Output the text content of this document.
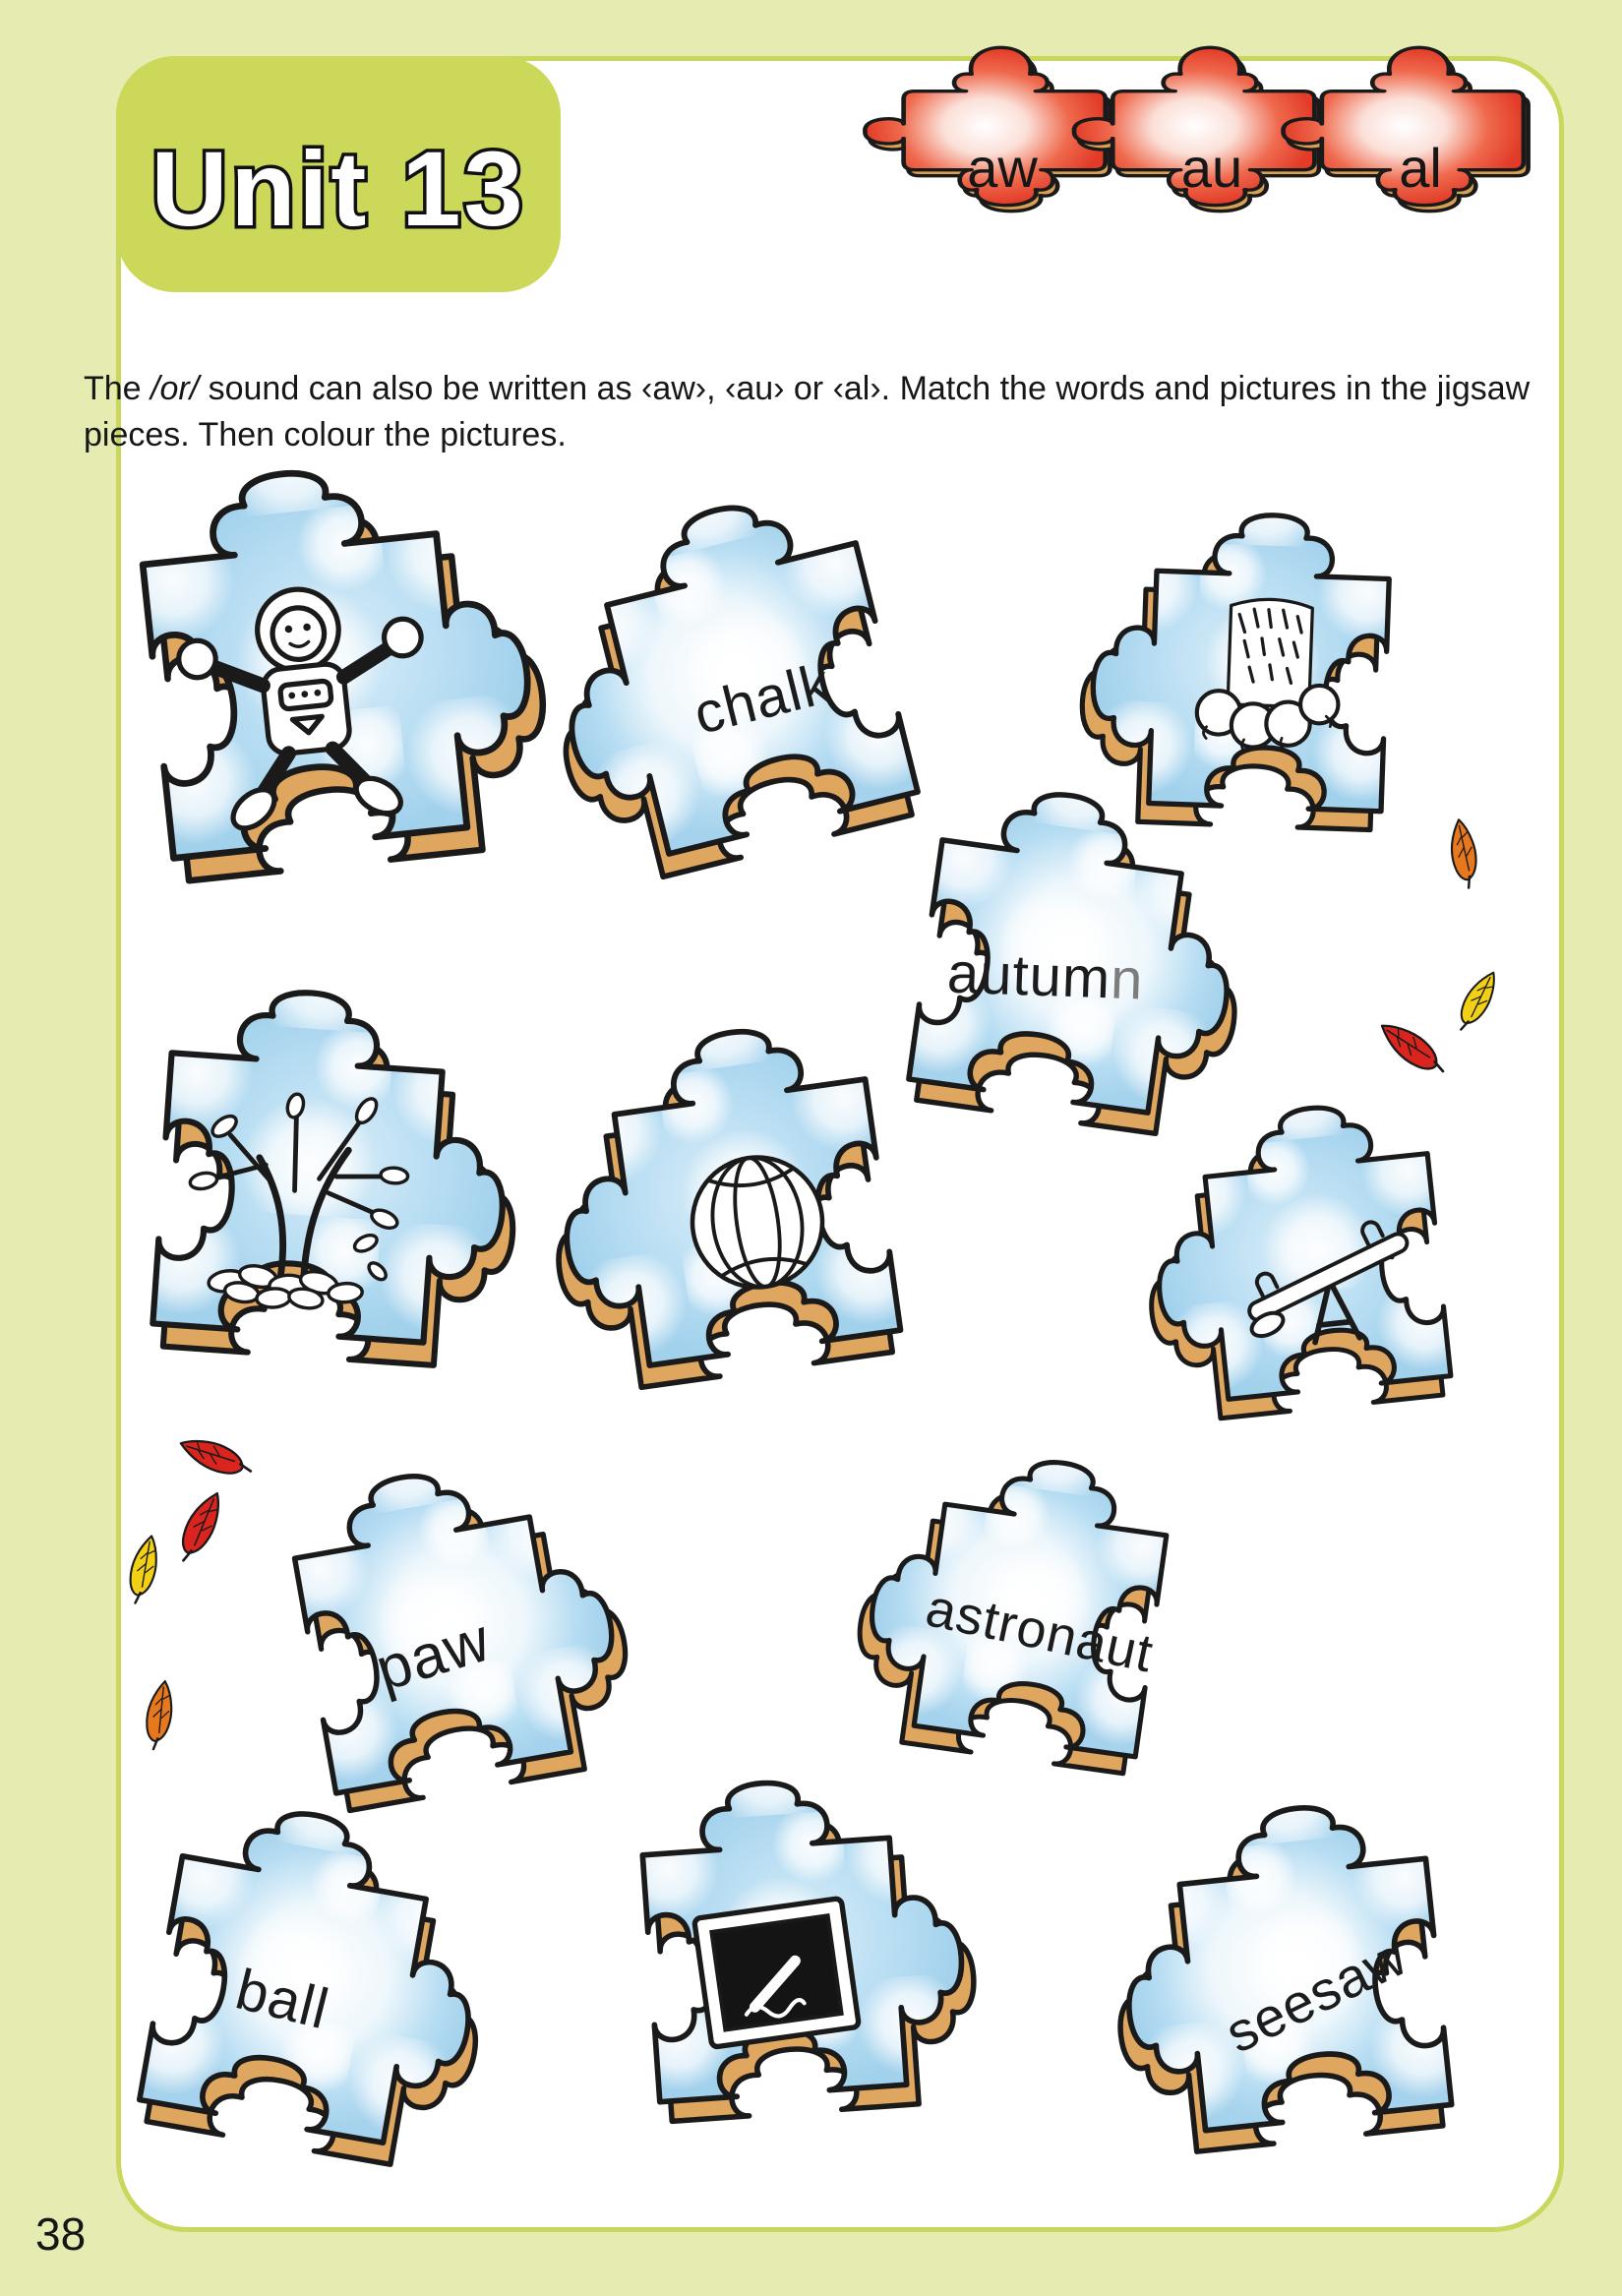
Unit 13	aw	au	al

The /or/ sound can also be written as ‹aw›, ‹au› or ‹al›. Match the words and pictures in the jigsaw pieces. Then colour the pictures.

chalk
autumn
paw	astronaut
ball	seesaw
38
